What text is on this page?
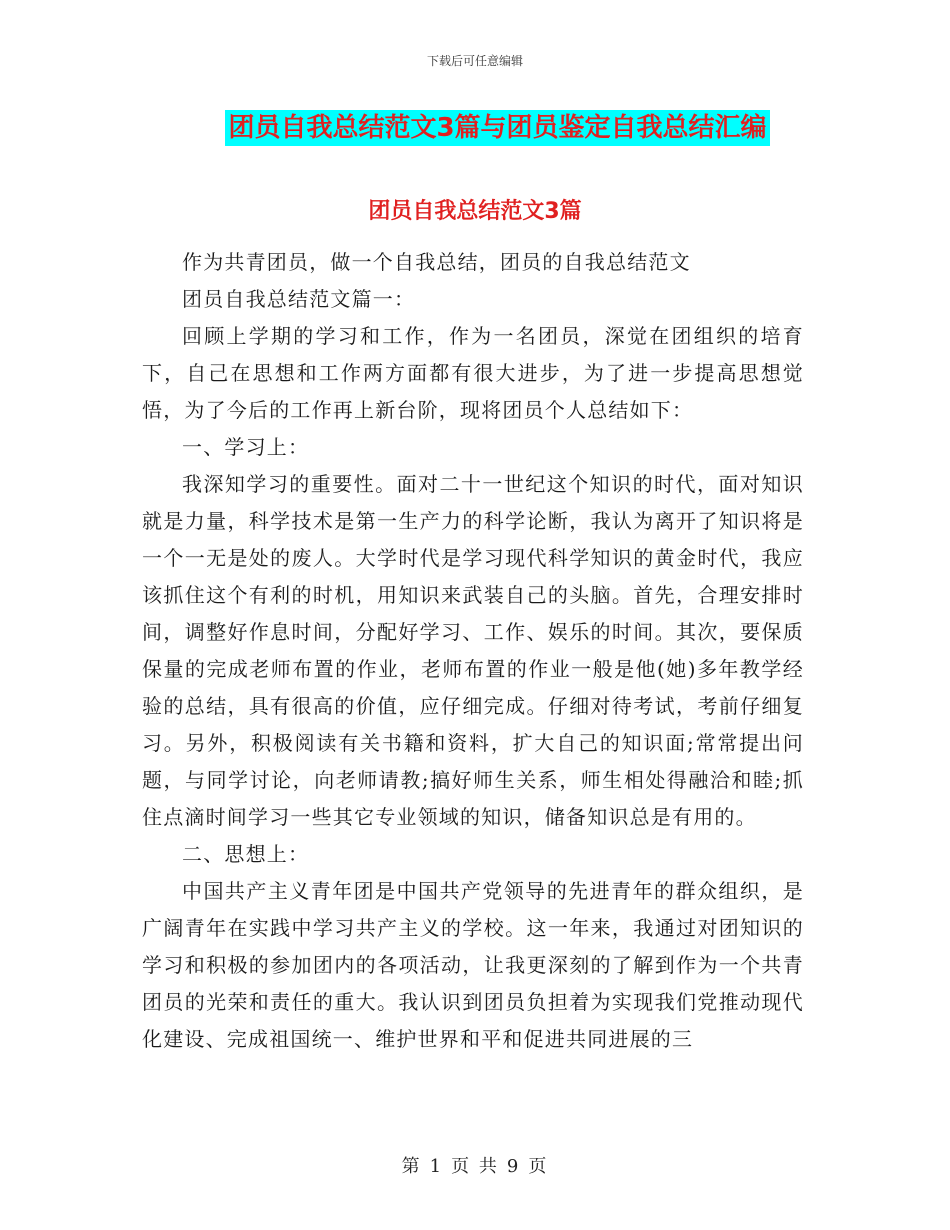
下载后可任意编辑
团员自我总结范文3篇与团员鉴定自我总结汇编
团员自我总结范文3篇

作为共青团员，做一个自我总结，团员的自我总结范文

团员自我总结范文篇一：

回顾上学期的学习和工作，作为一名团员，深觉在团组织的培育下，自己在思想和工作两方面都有很大进步，为了进一步提高思想觉悟，为了今后的工作再上新台阶，现将团员个人总结如下：

一、学习上：

我深知学习的重要性。面对二十一世纪这个知识的时代，面对知识就是力量，科学技术是第一生产力的科学论断，我认为离开了知识将是一个一无是处的废人。大学时代是学习现代科学知识的黄金时代，我应该抓住这个有利的时机，用知识来武装自己的头脑。首先，合理安排时间，调整好作息时间，分配好学习、工作、娱乐的时间。其次，要保质保量的完成老师布置的作业，老师布置的作业一般是他(她)多年教学经验的总结，具有很高的价值，应仔细完成。仔细对待考试，考前仔细复习。另外，积极阅读有关书籍和资料，扩大自己的知识面;常常提出问题，与同学讨论，向老师请教;搞好师生关系，师生相处得融洽和睦;抓住点滴时间学习一些其它专业领域的知识，储备知识总是有用的。

二、思想上：

中国共产主义青年团是中国共产党领导的先进青年的群众组织，是广阔青年在实践中学习共产主义的学校。这一年来，我通过对团知识的学习和积极的参加团内的各项活动，让我更深刻的了解到作为一个共青团员的光荣和责任的重大。我认识到团员负担着为实现我们党推动现代化建设、完成祖国统一、维护世界和平和促进共同进展的三

第 1 页 共 9 页
